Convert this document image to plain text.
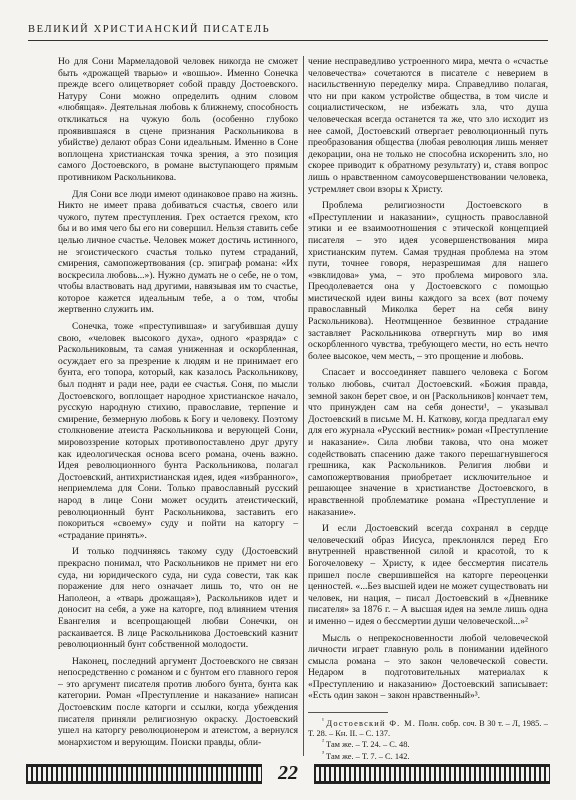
ВЕЛИКИЙ ХРИСТИАНСКИЙ ПИСАТЕЛЬ

Но для Сони Мармеладовой человек никогда не сможет быть «дрожащей тварью» и «вошью». Именно Сонечка прежде всего олицетворяет собой правду Достоевского. Натуру Сони можно определить одним словом «любящая». Деятельная любовь к ближнему, способность откликаться на чужую боль (особенно глубоко проявившаяся в сцене признания Раскольникова в убийстве) делают образ Сони идеальным. Именно в Соне воплощена христианская точка зрения, а это позиция самого Достоевского, в романе выступающего прямым противником Раскольникова.

Для Сони все люди имеют одинаковое право на жизнь. Никто не имеет права добиваться счастья, своего или чужого, путем преступления. Грех остается грехом, кто бы и во имя чего бы его ни совершил. Нельзя ставить себе целью личное счастье. Человек может достичь истинного, не эгоистического счастья только путем страданий, смирения, самопожертвования (ср. эпиграф романа: «Их воскресила любовь...»). Нужно думать не о себе, не о том, чтобы властвовать над другими, навязывая им то счастье, которое кажется идеальным тебе, а о том, чтобы жертвенно служить им.

Сонечка, тоже «преступившая» и загубившая душу свою, «человек высокого духа», одного «разряда» с Раскольниковым, та самая униженная и оскорбленная, осуждает его за презрение к людям и не принимает его бунта, его топора, который, как казалось Раскольникову, был поднят и ради нее, ради ее счастья. Соня, по мысли Достоевского, воплощает народное христианское начало, русскую народную стихию, православие, терпение и смирение, безмерную любовь к Богу и человеку. Поэтому столкновение атеиста Раскольникова и верующей Сони, мировоззрение которых противопоставлено друг другу как идеологическая основа всего романа, очень важно. Идея революционного бунта Раскольникова, полагал Достоевский, антихристианская идея, идея «избранного», неприемлема для Сони. Только православный русский народ в лице Сони может осудить атеистический, революционный бунт Раскольникова, заставить его покориться «своему» суду и пойти на каторгу – «страдание принять».

И только подчиняясь такому суду (Достоевский прекрасно понимал, что Раскольников не примет ни его суда, ни юридического суда, ни суда совести, так как поражение для него означает лишь то, что он не Наполеон, а «тварь дрожащая»), Раскольников идет и доносит на себя, а уже на каторге, под влиянием чтения Евангелия и всепрощающей любви Сонечки, он раскаивается. В лице Раскольникова Достоевский казнит революционный бунт собственной молодости.

Наконец, последний аргумент Достоевского не связан непосредственно с романом и с бунтом его главного героя – это аргумент писателя против любого бунта, бунта как категории. Роман «Преступление и наказание» написан Достоевским после каторги и ссылки, когда убеждения писателя приняли религиозную окраску. Достоевский ушел на каторгу революционером и атеистом, а вернулся монархистом и верующим. Поиски правды, обли-

чение несправедливо устроенного мира, мечта о «счастье человечества» сочетаются в писателе с неверием в насильственную переделку мира. Справедливо полагая, что ни при каком устройстве общества, в том числе и социалистическом, не избежать зла, что душа человеческая всегда останется та же, что зло исходит из нее самой, Достоевский отвергает революционный путь преобразования общества (любая революция лишь меняет декорации, она не только не способна искоренить зло, но скорее приводит к обратному результату) и, ставя вопрос лишь о нравственном самоусовершенствовании человека, устремляет свои взоры к Христу.

Проблема религиозности Достоевского в «Преступлении и наказании», сущность православной этики и ее взаимоотношения с этической концепцией писателя – это идея усовершенствования мира христианским путем. Самая трудная проблема на этом пути, точнее говоря, неразрешимая для нашего «эвклидова» ума, – это проблема мирового зла. Преодолевается она у Достоевского с помощью мистической идеи вины каждого за всех (вот почему православный Миколка берет на себя вину Раскольникова). Неотмщенное безвинное страдание заставляет Раскольникова отвергнуть мир во имя оскорбленного чувства, требующего мести, но есть нечто более высокое, чем месть, – это прощение и любовь.

Спасает и воссоединяет павшего человека с Богом только любовь, считал Достоевский. «Божия правда, земной закон берет свое, и он [Раскольников] кончает тем, что принужден сам на себя донести¹, – указывал Достоевский в письме М. Н. Каткову, когда предлагал ему для его журнала «Русский вестник» роман «Преступление и наказание». Сила любви такова, что она может содействовать спасению даже такого перешагнувшегося грешника, как Раскольников. Религия любви и самопожертвования приобретает исключительное и решающее значение в христианстве Достоевского, в нравственной проблематике романа «Преступление и наказание».

И если Достоевский всегда сохранял в сердце человеческий образ Иисуса, преклонялся перед Его внутренней нравственной силой и красотой, то к Богочеловеку – Христу, к идее бессмертия писатель пришел после свершившейся на каторге переоценки ценностей. «...Без высшей идеи не может существовать ни человек, ни нация, – писал Достоевский в «Дневнике писателя» за 1876 г. – А высшая идея на земле лишь одна и именно – идея о бессмертии души человеческой...»²

Мысль о непрекосновенности любой человеческой личности играет главную роль в понимании идейного смысла романа – это закон человеческой совести. Недаром в подготовительных материалах к «Преступлению и наказанию» Достоевский записывает: «Есть один закон – закон нравственный»³.

$^{^1}$ Достоевский Ф. М. Полн. собр. соч. В 30 т. – Л, 1985. – Т. 28. – Кн. II. – С. 137.
$^{^2}$ Там же. – Т. 24. – С. 48.
$^{^3}$ Там же. – Т. 7. – С. 142.
22
